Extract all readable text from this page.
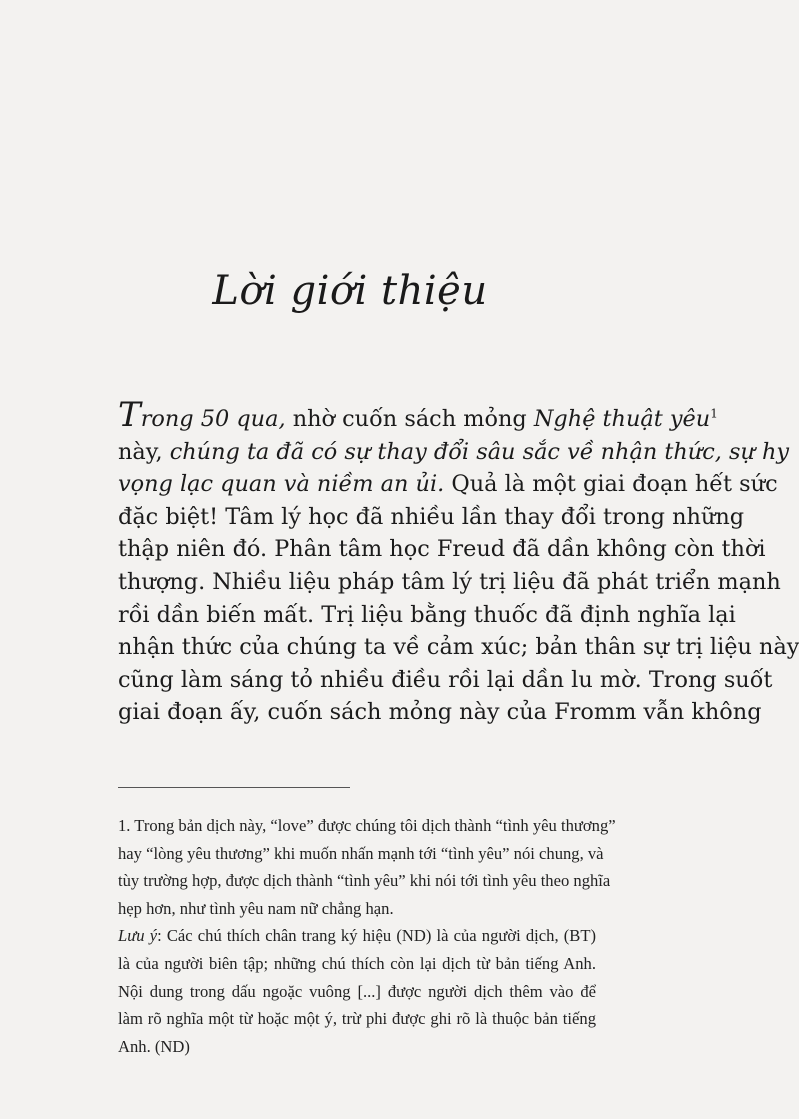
Lời giới thiệu
Trong 50 qua, nhờ cuốn sách mỏng Nghệ thuật yêu$^1$
này, chúng ta đã có sự thay đổi sâu sắc về nhận thức, sự hy
vọng lạc quan và niềm an ủi. Quả là một giai đoạn hết sức
đặc biệt! Tâm lý học đã nhiều lần thay đổi trong những
thập niên đó. Phân tâm học Freud đã dần không còn thời
thượng. Nhiều liệu pháp tâm lý trị liệu đã phát triển mạnh
rồi dần biến mất. Trị liệu bằng thuốc đã định nghĩa lại
nhận thức của chúng ta về cảm xúc; bản thân sự trị liệu này
cũng làm sáng tỏ nhiều điều rồi lại dần lu mờ. Trong suốt
giai đoạn ấy, cuốn sách mỏng này của Fromm vẫn không
1. Trong bản dịch này, “love” được chúng tôi dịch thành “tình yêu thương”
hay “lòng yêu thương” khi muốn nhấn mạnh tới “tình yêu” nói chung, và
tùy trường hợp, được dịch thành “tình yêu” khi nói tới tình yêu theo nghĩa
hẹp hơn, như tình yêu nam nữ chẳng hạn.
Lưu ý: Các chú thích chân trang ký hiệu (ND) là của người dịch, (BT)
là của người biên tập; những chú thích còn lại dịch từ bản tiếng Anh.
Nội dung trong dấu ngoặc vuông [...] được người dịch thêm vào để
làm rõ nghĩa một từ hoặc một ý, trừ phi được ghi rõ là thuộc bản tiếng
Anh. (ND)
